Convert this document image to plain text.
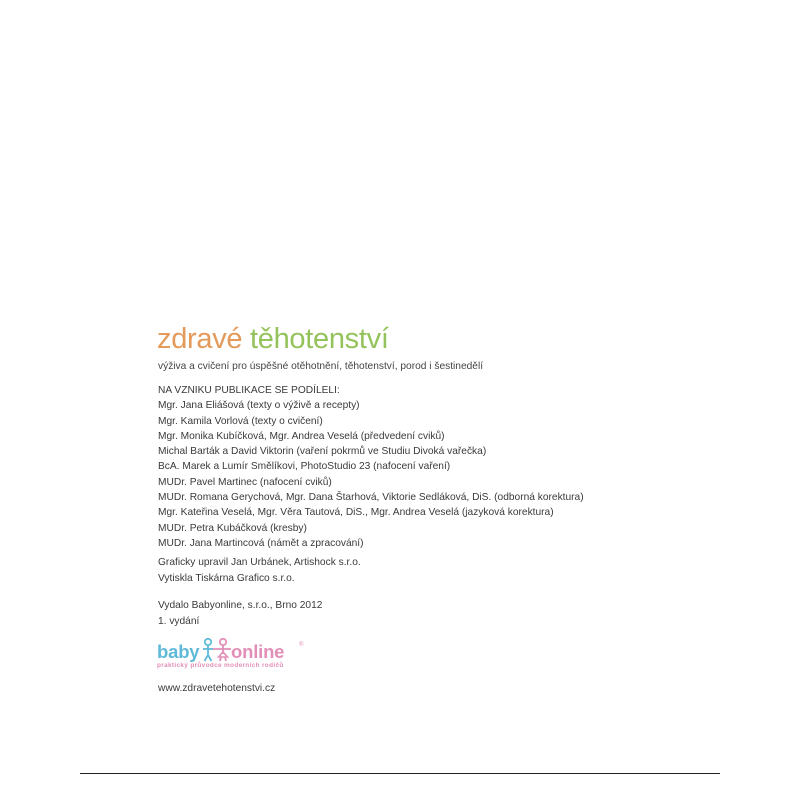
zdravé těhotenství
výživa a cvičení pro úspěšné otěhotnění, těhotenství, porod i šestinedělí
NA VZNIKU PUBLIKACE SE PODÍLELI:
Mgr. Jana Eliášová (texty o výživě a recepty)
Mgr. Kamila Vorlová (texty o cvičení)
Mgr. Monika Kubíčková, Mgr. Andrea Veselá (předvedení cviků)
Michal Barták a David Viktorin (vaření pokrmů ve Studiu Divoká vařečka)
BcA. Marek a Lumír Smělíkovi, PhotoStudio 23 (nafocení vaření)
MUDr. Pavel Martinec (nafocení cviků)
MUDr. Romana Gerychová, Mgr. Dana Štarhová, Viktorie Sedláková, DiS. (odborná korektura)
Mgr. Kateřina Veselá, Mgr. Věra Tautová, DiS., Mgr. Andrea Veselá (jazyková korektura)
MUDr. Petra Kubáčková (kresby)
MUDr. Jana Martincová (námět a zpracování)
Graficky upravil Jan Urbánek, Artishock s.r.o.
Vytiskla Tiskárna Grafico s.r.o.
Vydalo Babyonline, s.r.o., Brno 2012
1. vydání
baby online ®
praktický průvodce moderních rodičů
www.zdravetehotenstvi.cz
